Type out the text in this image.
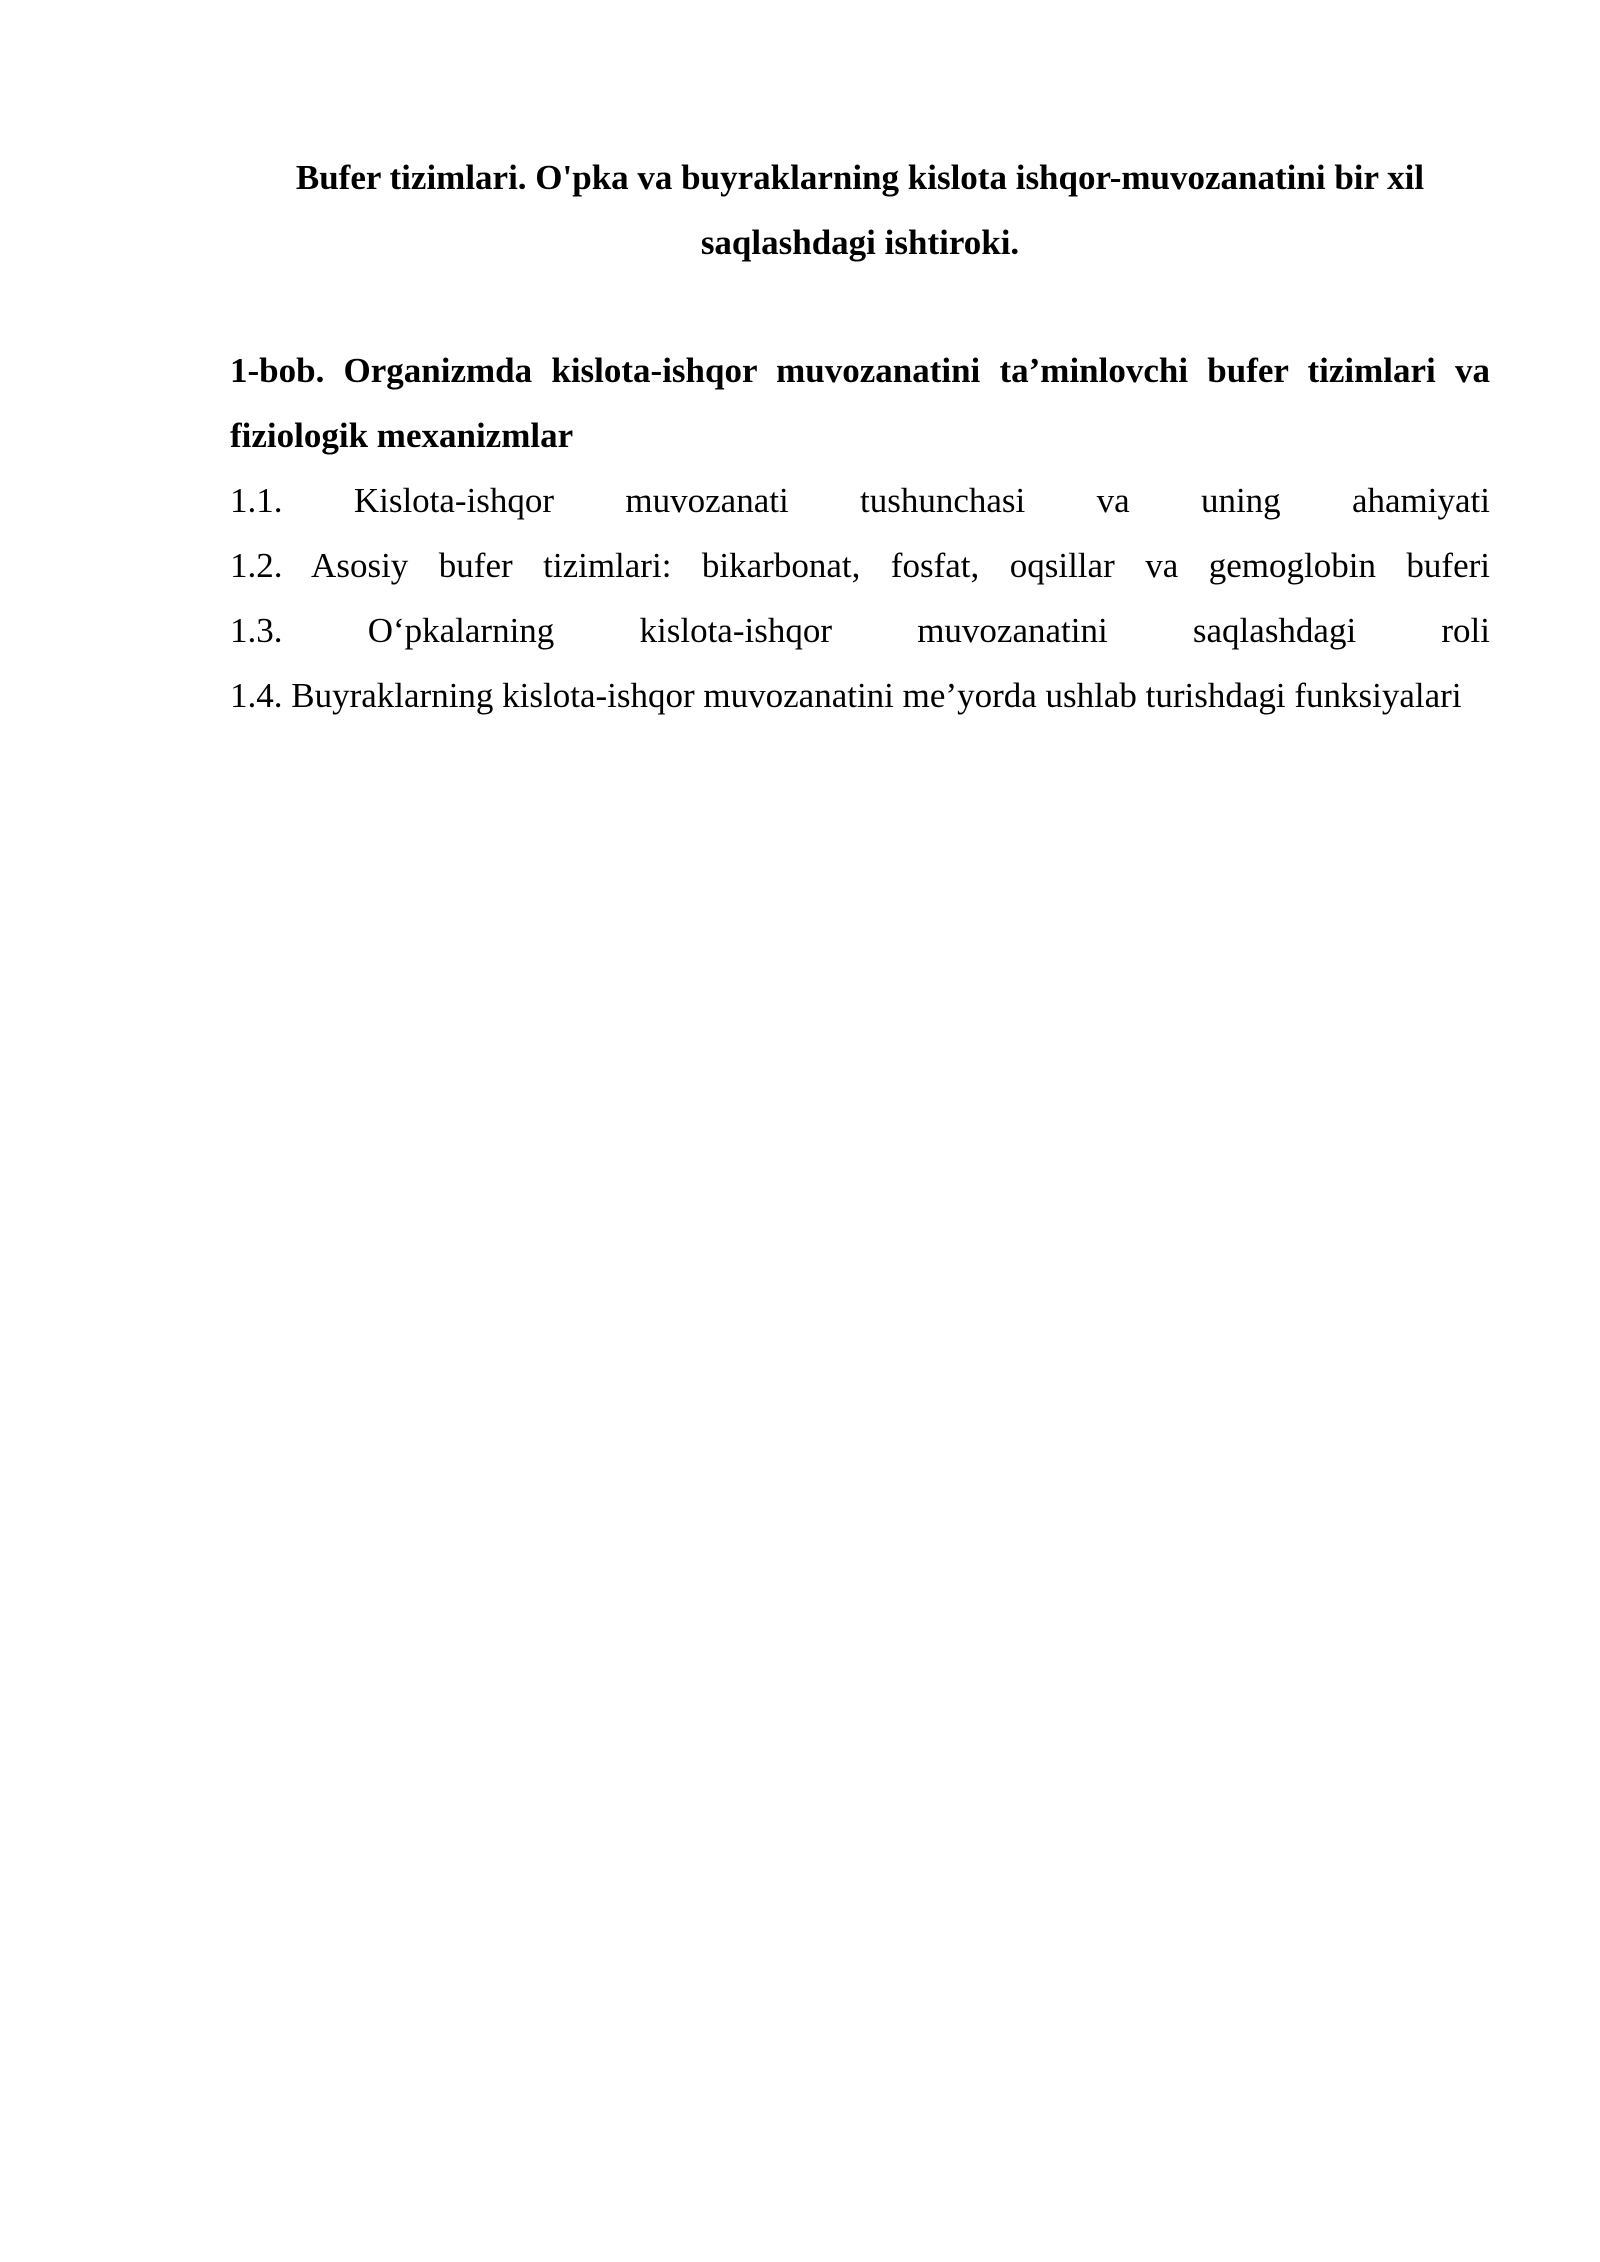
Bufer tizimlari. O'pka va buyraklarning kislota ishqor-muvozanatini bir xil saqlashdagi ishtiroki.
1-bob. Organizmda kislota-ishqor muvozanatini ta’minlovchi bufer tizimlari va fiziologik mexanizmlar
1.1. Kislota-ishqor muvozanati tushunchasi va uning ahamiyati
1.2. Asosiy bufer tizimlari: bikarbonat, fosfat, oqsillar va gemoglobin buferi
1.3. O‘pkalarning kislota-ishqor muvozanatini saqlashdagi roli
1.4. Buyraklarning kislota-ishqor muvozanatini me’yorda ushlab turishdagi funksiyalari
